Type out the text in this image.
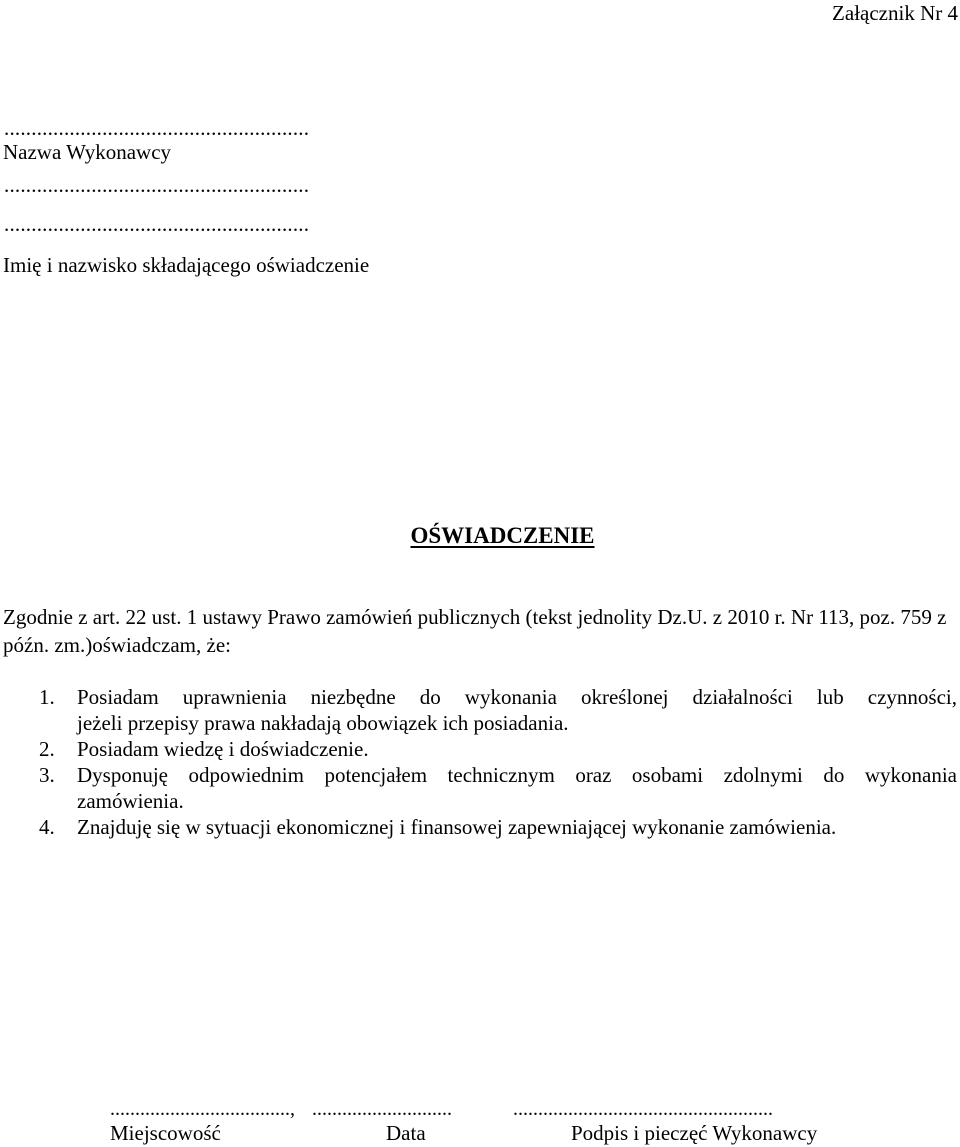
Załącznik Nr 4
........................................................
Nazwa Wykonawcy
........................................................
........................................................
Imię i nazwisko składającego oświadczenie
OŚWIADCZENIE
Zgodnie z art. 22 ust. 1 ustawy Prawo zamówień publicznych (tekst jednolity Dz.U. z 2010 r. Nr 113, poz. 759 z późn. zm.)oświadczam, że:
1. Posiadam uprawnienia niezbędne do wykonania określonej działalności lub czynności,
jeżeli przepisy prawa nakładają obowiązek ich posiadania.
2. Posiadam wiedzę i doświadczenie.
3. Dysponuję odpowiednim potencjałem technicznym oraz osobami zdolnymi do wykonania
zamówienia.
4. Znajduję się w sytuacji ekonomicznej i finansowej zapewniającej wykonanie zamówienia.
...................................., ............................	....................................................
Miejscowość	Data	Podpis i pieczęć Wykonawcy
